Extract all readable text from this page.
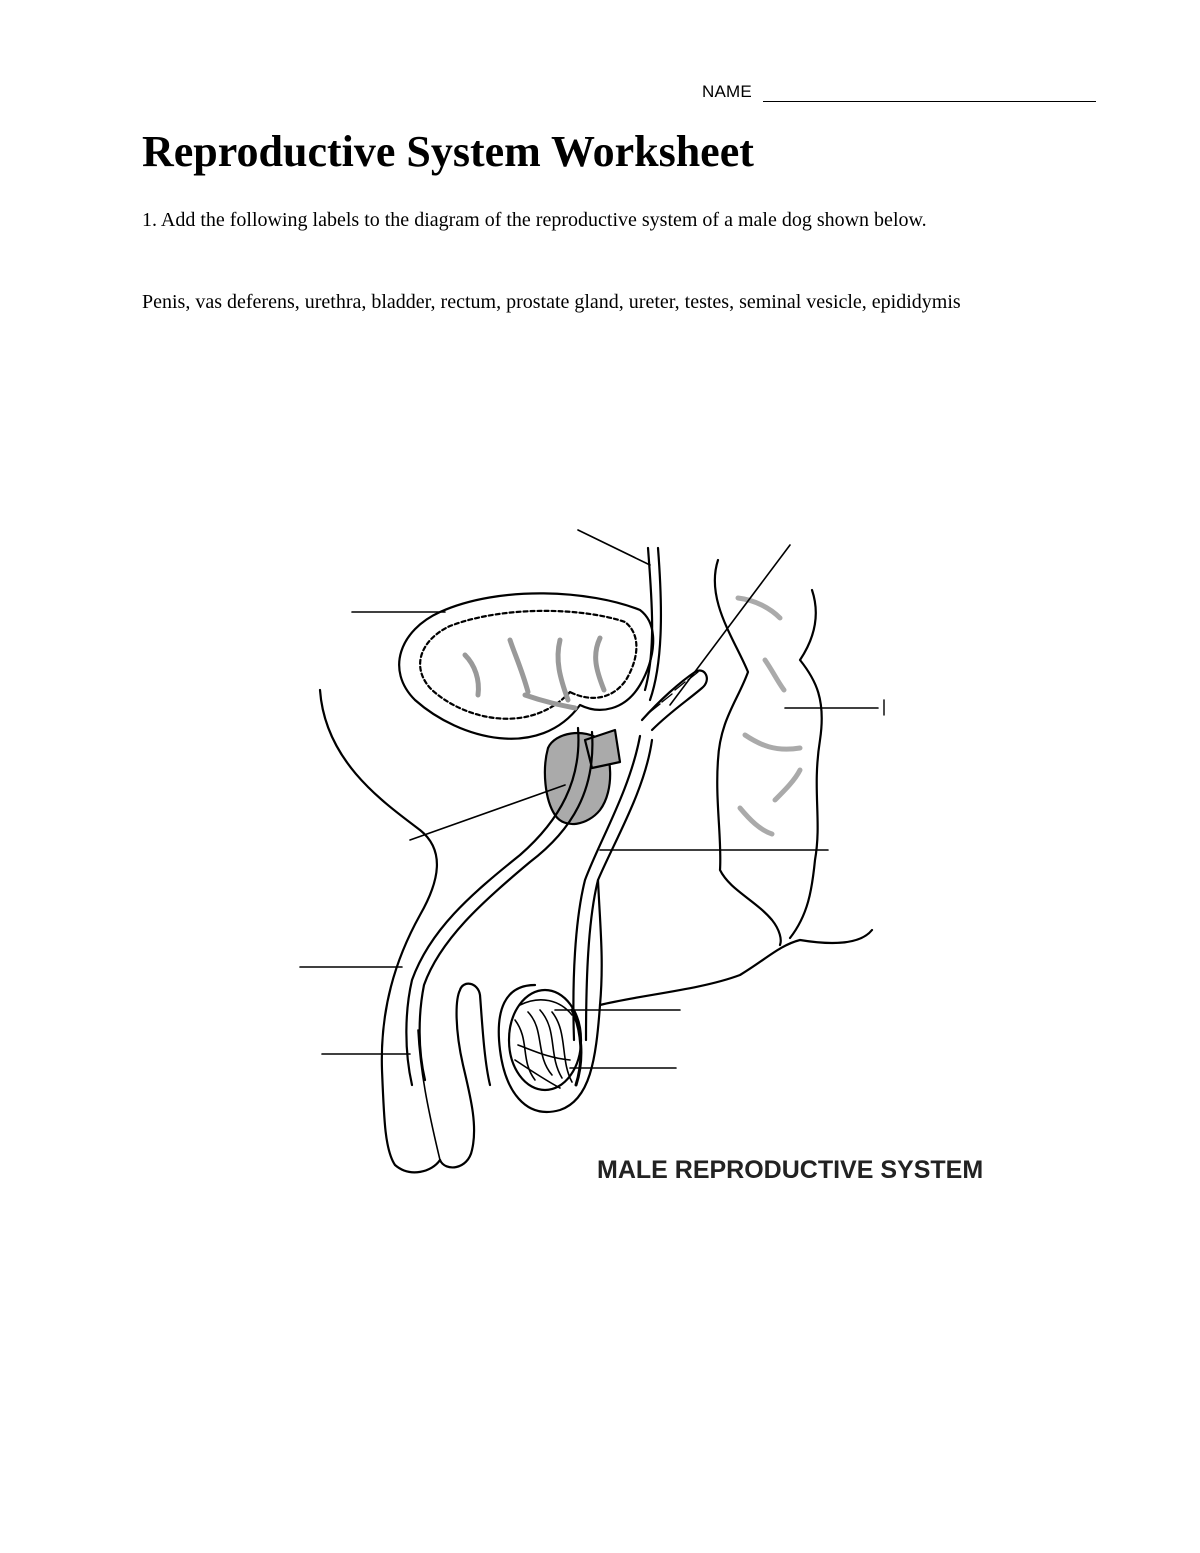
NAME
Reproductive System Worksheet

1. Add the following labels to the diagram of the reproductive system of a male dog shown below.

Penis, vas deferens, urethra, bladder, rectum, prostate gland, ureter, testes, seminal vesicle, epididymis

MALE REPRODUCTIVE SYSTEM
